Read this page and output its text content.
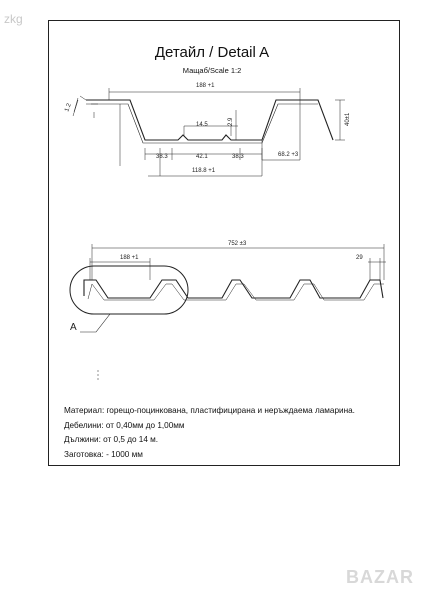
zkg
Детайл / Detail A
Мащаб/Scale 1:2
188 +1
1.2
14.5	2.9	40±1
38.3	42.1	38.3	68.2 +3
118.8 +1
752 ±3
188 +1	29
A
Материал: горещо-поцинкована, пластифицирана и неръждаема ламарина.
Дебелини: от 0,40мм до 1,00мм
Дължини: от 0,5 до 14 м.
Заготовка: - 1000 мм
BAZAR
